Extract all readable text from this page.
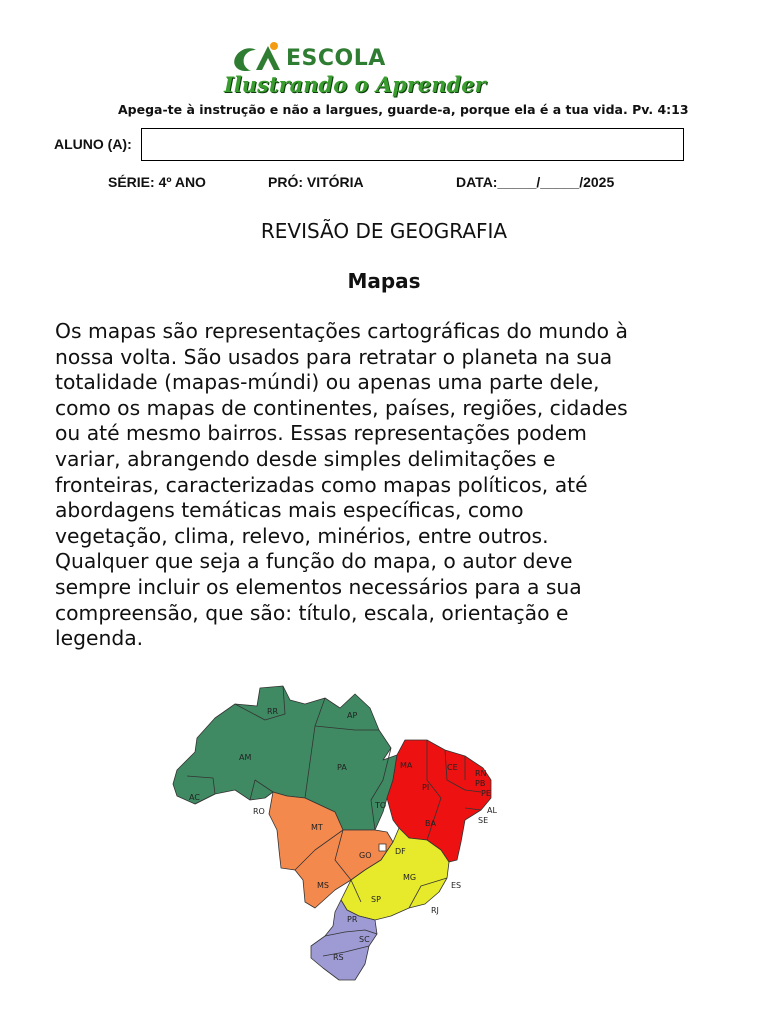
ESCOLA
Ilustrando o Aprender
Apega-te à instrução e não a largues, guarde-a, porque ela é a tua vida. Pv. 4:13
ALUNO (A):
SÉRIE: 4º ANO	PRÓ: VITÓRIA	DATA:_____/_____/2025
REVISÃO DE GEOGRAFIA
Mapas
Os mapas são representações cartográficas do mundo à
nossa volta. São usados para retratar o planeta na sua
totalidade (mapas-múndi) ou apenas uma parte dele,
como os mapas de continentes, países, regiões, cidades
ou até mesmo bairros. Essas representações podem
variar, abrangendo desde simples delimitações e
fronteiras, caracterizadas como mapas políticos, até
abordagens temáticas mais específicas, como
vegetação, clima, relevo, minérios, entre outros.
Qualquer que seja a função do mapa, o autor deve
sempre incluir os elementos necessários para a sua
compreensão, que são: título, escala, orientação e
legenda.
RR	AP
AM
PA
AC
RO
TO
MA	CE
PI
RN
PB
PE
AL
SE
BA
MT
GO	DF
MS
MG
ES
SP
RJ
PR
SC
RS
